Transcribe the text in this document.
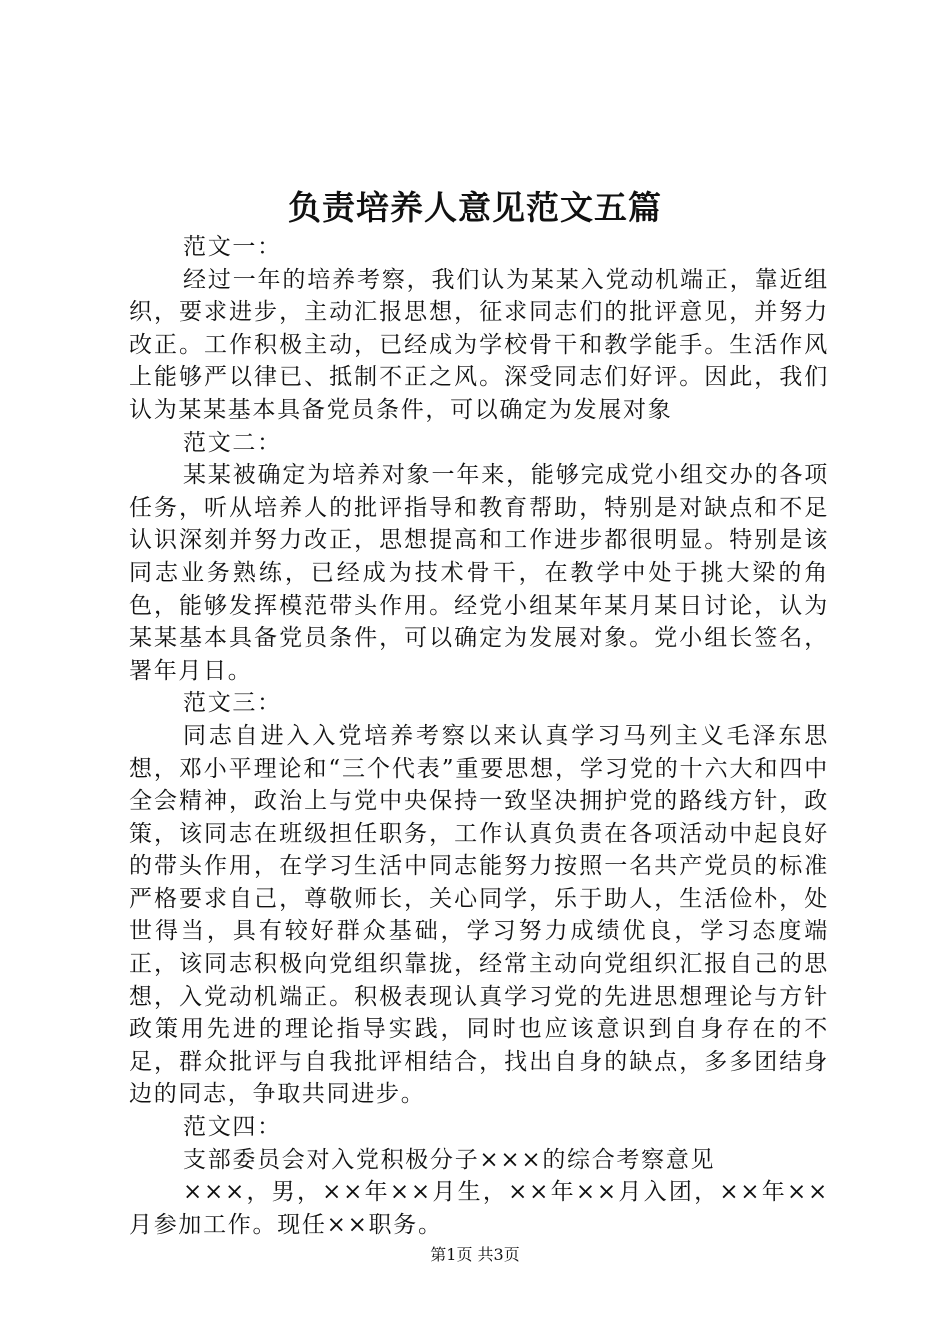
负责培养人意见范文五篇

范文一：

经过一年的培养考察，我们认为某某入党动机端正，靠近组织，要求进步，主动汇报思想，征求同志们的批评意见，并努力改正。工作积极主动，已经成为学校骨干和教学能手。生活作风上能够严以律已、抵制不正之风。深受同志们好评。因此，我们认为某某基本具备党员条件，可以确定为发展对象

范文二：

某某被确定为培养对象一年来，能够完成党小组交办的各项任务，听从培养人的批评指导和教育帮助，特别是对缺点和不足认识深刻并努力改正，思想提高和工作进步都很明显。特别是该同志业务熟练，已经成为技术骨干，在教学中处于挑大梁的角色，能够发挥模范带头作用。经党小组某年某月某日讨论，认为某某基本具备党员条件，可以确定为发展对象。党小组长签名，署年月日。

范文三：

同志自进入入党培养考察以来认真学习马列主义毛泽东思想，邓小平理论和“三个代表”重要思想，学习党的十六大和四中全会精神，政治上与党中央保持一致坚决拥护党的路线方针，政策，该同志在班级担任职务，工作认真负责在各项活动中起良好的带头作用，在学习生活中同志能努力按照一名共产党员的标准严格要求自己，尊敬师长，关心同学，乐于助人，生活俭朴，处世得当，具有较好群众基础，学习努力成绩优良，学习态度端正，该同志积极向党组织靠拢，经常主动向党组织汇报自己的思想，入党动机端正。积极表现认真学习党的先进思想理论与方针政策用先进的理论指导实践，同时也应该意识到自身存在的不足，群众批评与自我批评相结合，找出自身的缺点，多多团结身边的同志，争取共同进步。

范文四：

支部委员会对入党积极分子×××的综合考察意见

×××，男，××年××月生，××年××月入团，××年××月参加工作。现任××职务。

第1页 共3页
